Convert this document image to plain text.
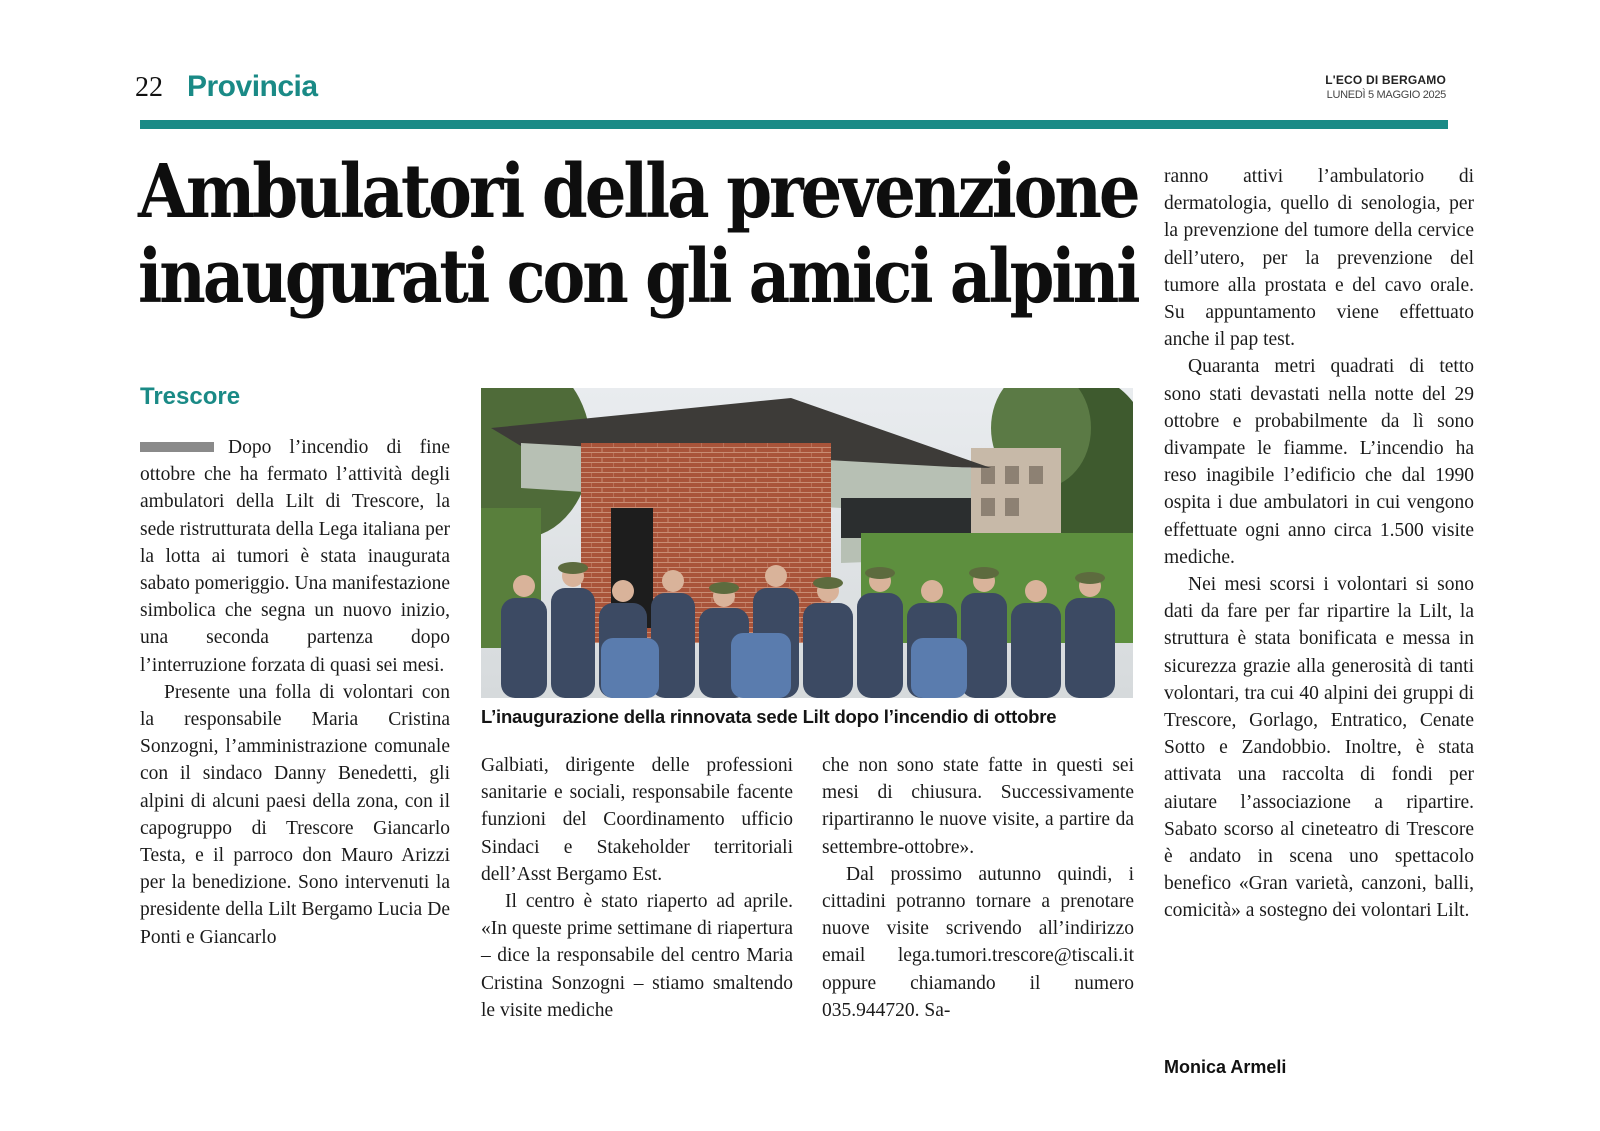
22 Provincia	L'ECO DI BERGAMO
LUNEDÌ 5 MAGGIO 2025
Ambulatori della prevenzione
inaugurati con gli amici alpini
Trescore
L’inaugurazione della rinnovata sede Lilt dopo l’incendio di ottobre

Dopo l’incendio di fine ottobre che ha fermato l’attività degli ambulatori della Lilt di Trescore, la sede ristrutturata della Lega italiana per la lotta ai tumori è stata inaugurata sabato pomeriggio. Una manifestazione simbolica che segna un nuovo inizio, una seconda partenza dopo l’interruzione forzata di quasi sei mesi.

Presente una folla di volontari con la responsabile Maria Cristina Sonzogni, l’amministrazione comunale con il sindaco Danny Benedetti, gli alpini di alcuni paesi della zona, con il capogruppo di Trescore Giancarlo Testa, e il parroco don Mauro Arizzi per la benedizione. Sono intervenuti la presidente della Lilt Bergamo Lucia De Ponti e Giancarlo

Galbiati, dirigente delle professioni sanitarie e sociali, responsabile facente funzioni del Coordinamento ufficio Sindaci e Stakeholder territoriali dell’Asst Bergamo Est.

Il centro è stato riaperto ad aprile. «In queste prime settimane di riapertura – dice la responsabile del centro Maria Cristina Sonzogni – stiamo smaltendo le visite mediche

che non sono state fatte in questi sei mesi di chiusura. Successivamente ripartiranno le nuove visite, a partire da settembre-ottobre».

Dal prossimo autunno quindi, i cittadini potranno tornare a prenotare nuove visite scrivendo all’indirizzo email lega.tumori.trescore@tiscali.it oppure chiamando il numero 035.944720. Sa-

ranno attivi l’ambulatorio di dermatologia, quello di senologia, per la prevenzione del tumore della cervice dell’utero, per la prevenzione del tumore alla prostata e del cavo orale. Su appuntamento viene effettuato anche il pap test.

Quaranta metri quadrati di tetto sono stati devastati nella notte del 29 ottobre e probabilmente da lì sono divampate le fiamme. L’incendio ha reso inagibile l’edificio che dal 1990 ospita i due ambulatori in cui vengono effettuate ogni anno circa 1.500 visite mediche.

Nei mesi scorsi i volontari si sono dati da fare per far ripartire la Lilt, la struttura è stata bonificata e messa in sicurezza grazie alla generosità di tanti volontari, tra cui 40 alpini dei gruppi di Trescore, Gorlago, Entratico, Cenate Sotto e Zandobbio. Inoltre, è stata attivata una raccolta di fondi per aiutare l’associazione a ripartire. Sabato scorso al cineteatro di Trescore è andato in scena uno spettacolo benefico «Gran varietà, canzoni, balli, comicità» a sostegno dei volontari Lilt.

Monica Armeli
